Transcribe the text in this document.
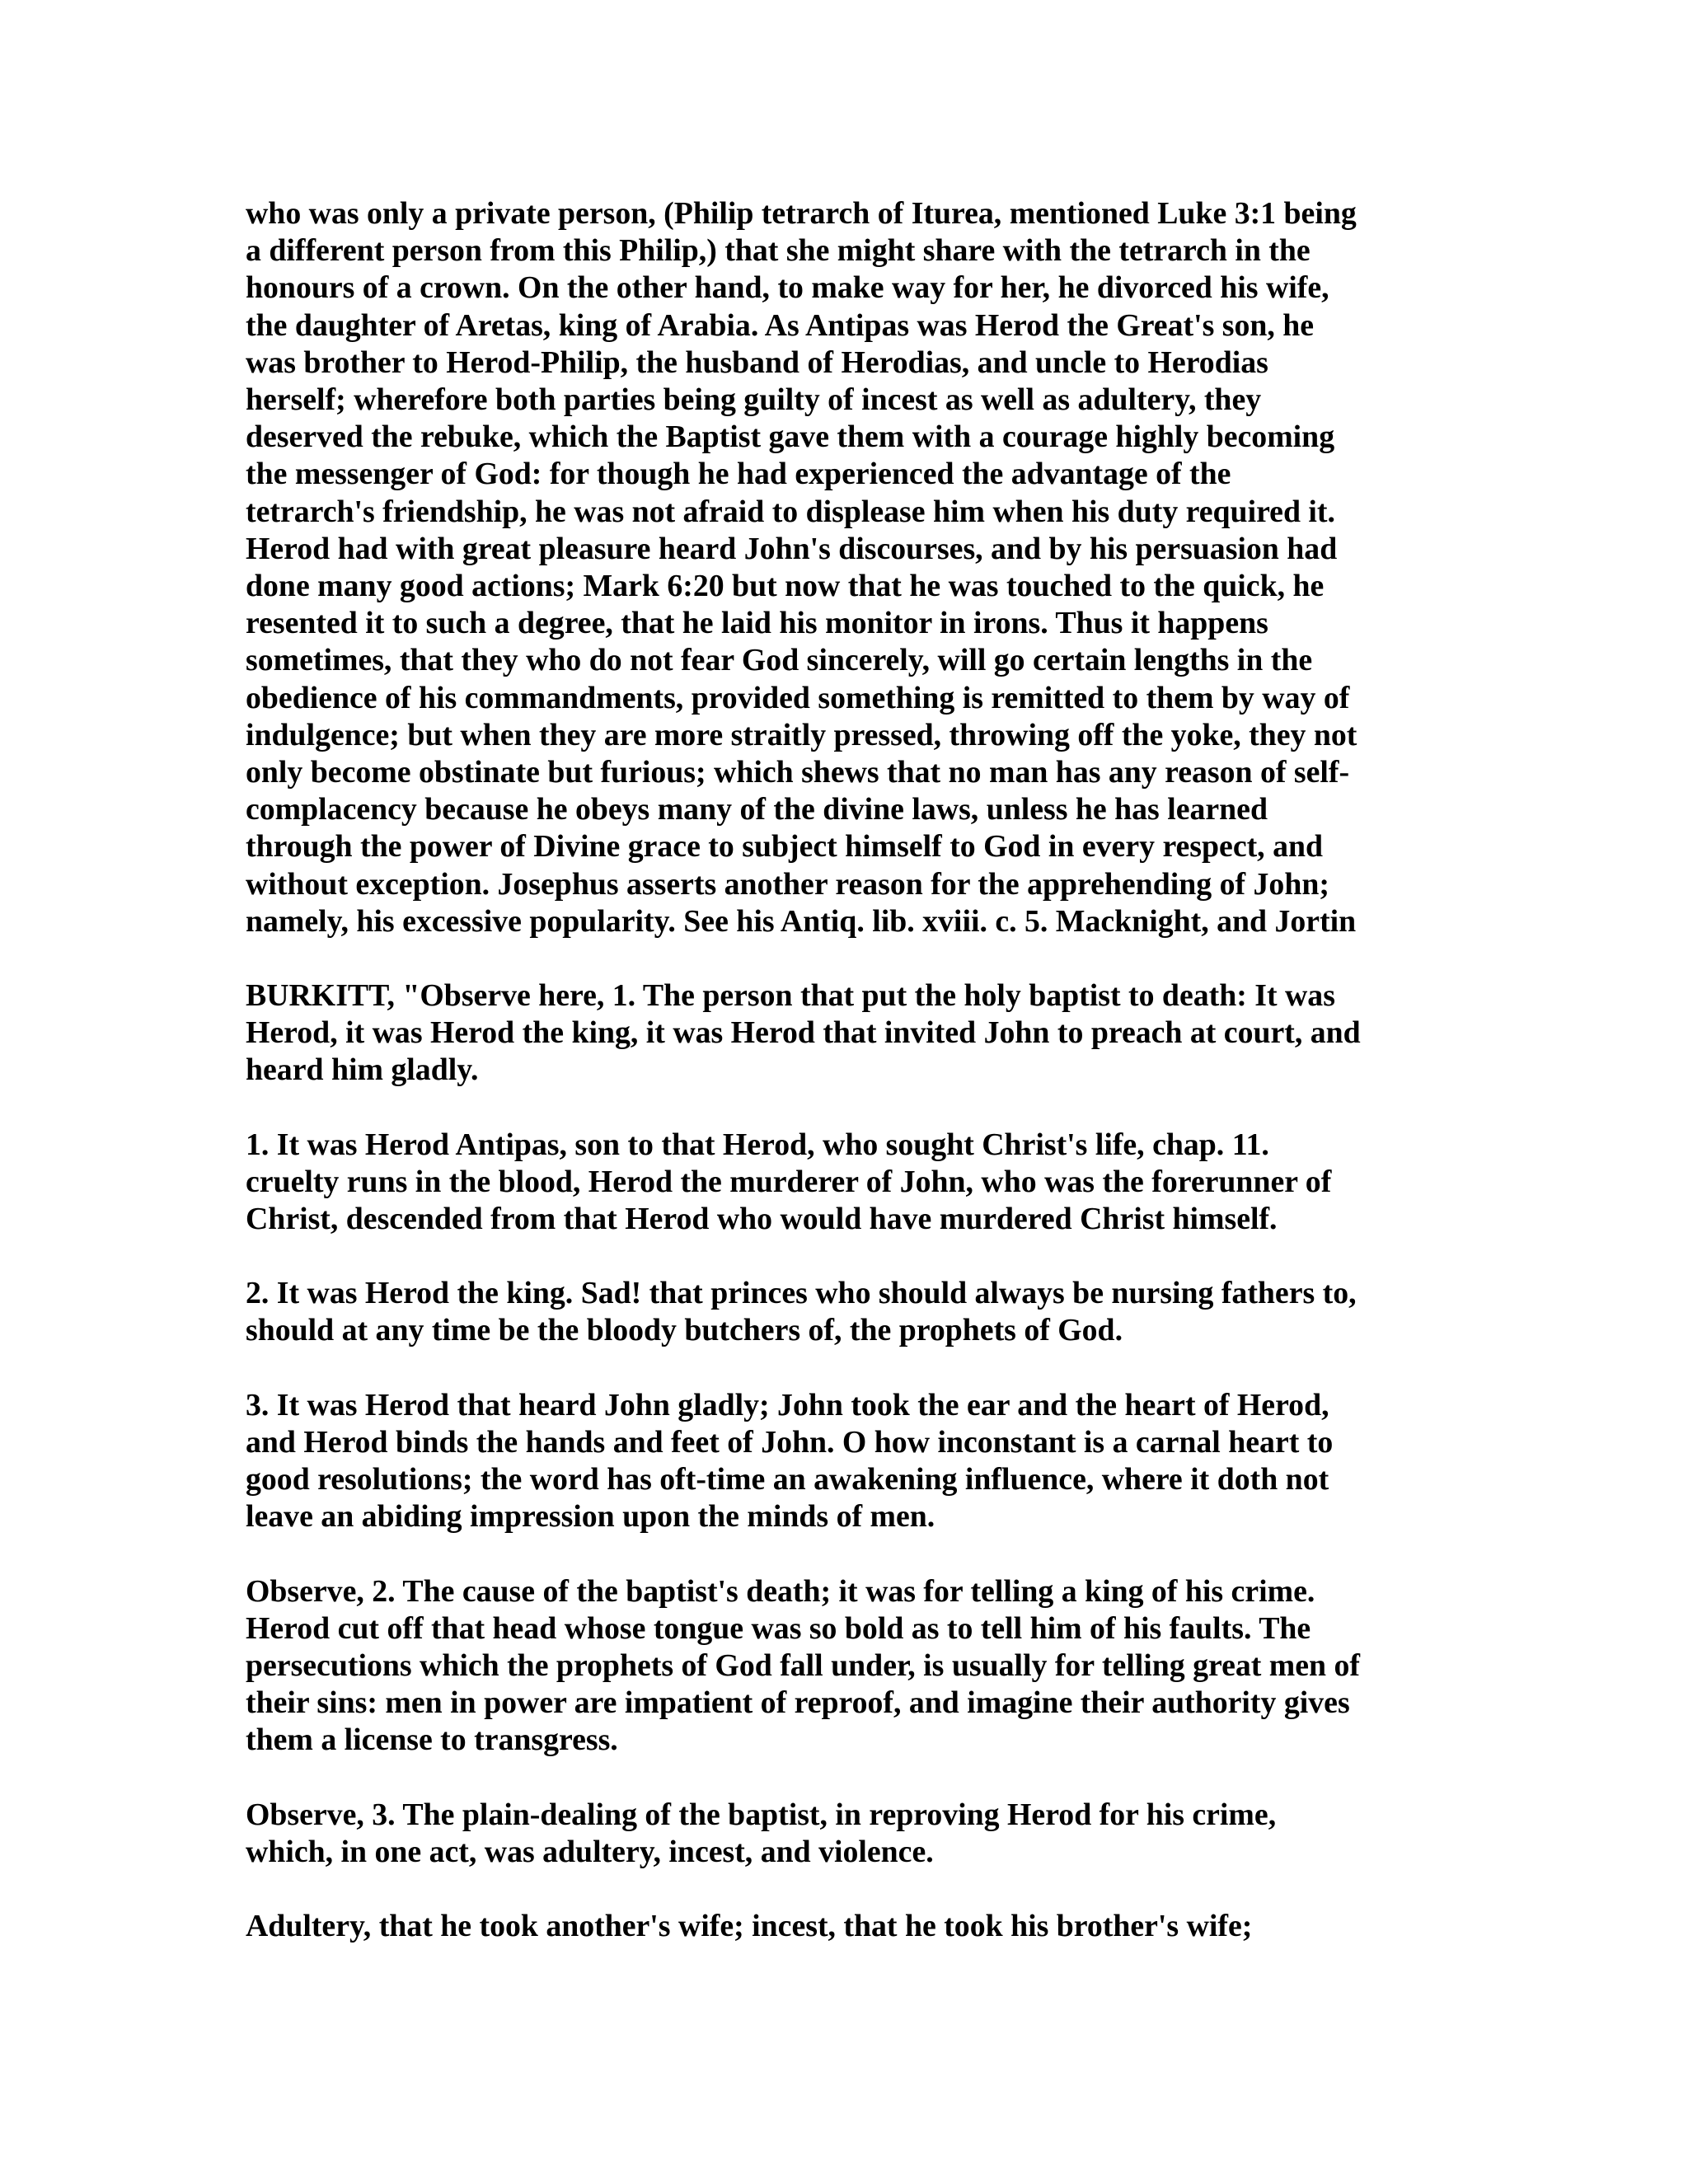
who was only a private person, (Philip tetrarch of Iturea, mentioned Luke 3:1 being
a different person from this Philip,) that she might share with the tetrarch in the
honours of a crown. On the other hand, to make way for her, he divorced his wife,
the daughter of Aretas, king of Arabia. As Antipas was Herod the Great's son, he
was brother to Herod-Philip, the husband of Herodias, and uncle to Herodias
herself; wherefore both parties being guilty of incest as well as adultery, they
deserved the rebuke, which the Baptist gave them with a courage highly becoming
the messenger of God: for though he had experienced the advantage of the
tetrarch's friendship, he was not afraid to displease him when his duty required it.
Herod had with great pleasure heard John's discourses, and by his persuasion had
done many good actions; Mark 6:20 but now that he was touched to the quick, he
resented it to such a degree, that he laid his monitor in irons. Thus it happens
sometimes, that they who do not fear God sincerely, will go certain lengths in the
obedience of his commandments, provided something is remitted to them by way of
indulgence; but when they are more straitly pressed, throwing off the yoke, they not
only become obstinate but furious; which shews that no man has any reason of self-
complacency because he obeys many of the divine laws, unless he has learned
through the power of Divine grace to subject himself to God in every respect, and
without exception. Josephus asserts another reason for the apprehending of John;
namely, his excessive popularity. See his Antiq. lib. xviii. c. 5. Macknight, and Jortin

BURKITT, "Observe here, 1. The person that put the holy baptist to death: It was
Herod, it was Herod the king, it was Herod that invited John to preach at court, and
heard him gladly.

1. It was Herod Antipas, son to that Herod, who sought Christ's life, chap. 11.
cruelty runs in the blood, Herod the murderer of John, who was the forerunner of
Christ, descended from that Herod who would have murdered Christ himself.

2. It was Herod the king. Sad! that princes who should always be nursing fathers to,
should at any time be the bloody butchers of, the prophets of God.

3. It was Herod that heard John gladly; John took the ear and the heart of Herod,
and Herod binds the hands and feet of John. O how inconstant is a carnal heart to
good resolutions; the word has oft-time an awakening influence, where it doth not
leave an abiding impression upon the minds of men.

Observe, 2. The cause of the baptist's death; it was for telling a king of his crime.
Herod cut off that head whose tongue was so bold as to tell him of his faults. The
persecutions which the prophets of God fall under, is usually for telling great men of
their sins: men in power are impatient of reproof, and imagine their authority gives
them a license to transgress.

Observe, 3. The plain-dealing of the baptist, in reproving Herod for his crime,
which, in one act, was adultery, incest, and violence.

Adultery, that he took another's wife; incest, that he took his brother's wife;
